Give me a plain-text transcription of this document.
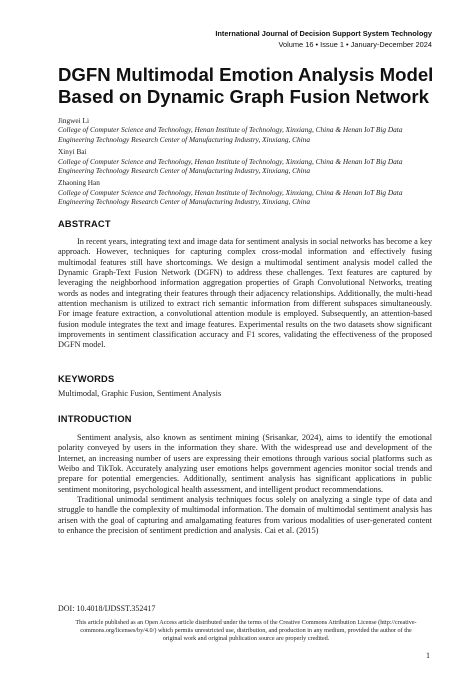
International Journal of Decision Support System Technology
Volume 16 • Issue 1 • January-December 2024
DGFN Multimodal Emotion Analysis Model
Based on Dynamic Graph Fusion Network
Jingwei Li
College of Computer Science and Technology, Henan Institute of Technology, Xinxiang, China & Henan IoT Big Data
Engineering Technology Research Center of Manufacturing Industry, Xinxiang, China
Xinyi Bai
College of Computer Science and Technology, Henan Institute of Technology, Xinxiang, China & Henan IoT Big Data
Engineering Technology Research Center of Manufacturing Industry, Xinxiang, China
Zhaoning Han
College of Computer Science and Technology, Henan Institute of Technology, Xinxiang, China & Henan IoT Big Data
Engineering Technology Research Center of Manufacturing Industry, Xinxiang, China
ABSTRACT

In recent years, integrating text and image data for sentiment analysis in social networks has become a key approach. However, techniques for capturing complex cross-modal information and effectively fusing multimodal features still have shortcomings. We design a multimodal sentiment analysis model called the Dynamic Graph-Text Fusion Network (DGFN) to address these challenges. Text features are captured by leveraging the neighborhood information aggregation properties of Graph Convolutional Networks, treating words as nodes and integrating their features through their adjacency relationships. Additionally, the multi-head attention mechanism is utilized to extract rich semantic information from different subspaces simultaneously. For image feature extraction, a convolutional attention module is employed. Subsequently, an attention-based fusion module integrates the text and image features. Experimental results on the two datasets show significant improvements in sentiment classification accuracy and F1 scores, validating the effectiveness of the proposed DGFN model.

KEYWORDS
Multimodal, Graphic Fusion, Sentiment Analysis
INTRODUCTION

Sentiment analysis, also known as sentiment mining (Srisankar, 2024), aims to identify the emotional polarity conveyed by users in the information they share. With the widespread use and development of the Internet, an increasing number of users are expressing their emotions through various social platforms such as Weibo and TikTok. Accurately analyzing user emotions helps government agencies monitor social trends and prepare for potential emergencies. Additionally, sentiment analysis has significant applications in public sentiment monitoring, psychological health assessment, and intelligent product recommendations.

Traditional unimodal sentiment analysis techniques focus solely on analyzing a single type of data and struggle to handle the complexity of multimodal information. The domain of multimodal sentiment analysis has arisen with the goal of capturing and amalgamating features from various modalities of user-generated content to enhance the precision of sentiment prediction and analysis. Cai et al. (2015)

DOI: 10.4018/IJDSST.352417
This article published as an Open Access article distributed under the terms of the Creative Commons Attribution License (http://creative-
commons.org/licenses/by/4.0/) which permits unrestricted use, distribution, and production in any medium, provided the author of the
original work and original publication source are properly credited.
1
